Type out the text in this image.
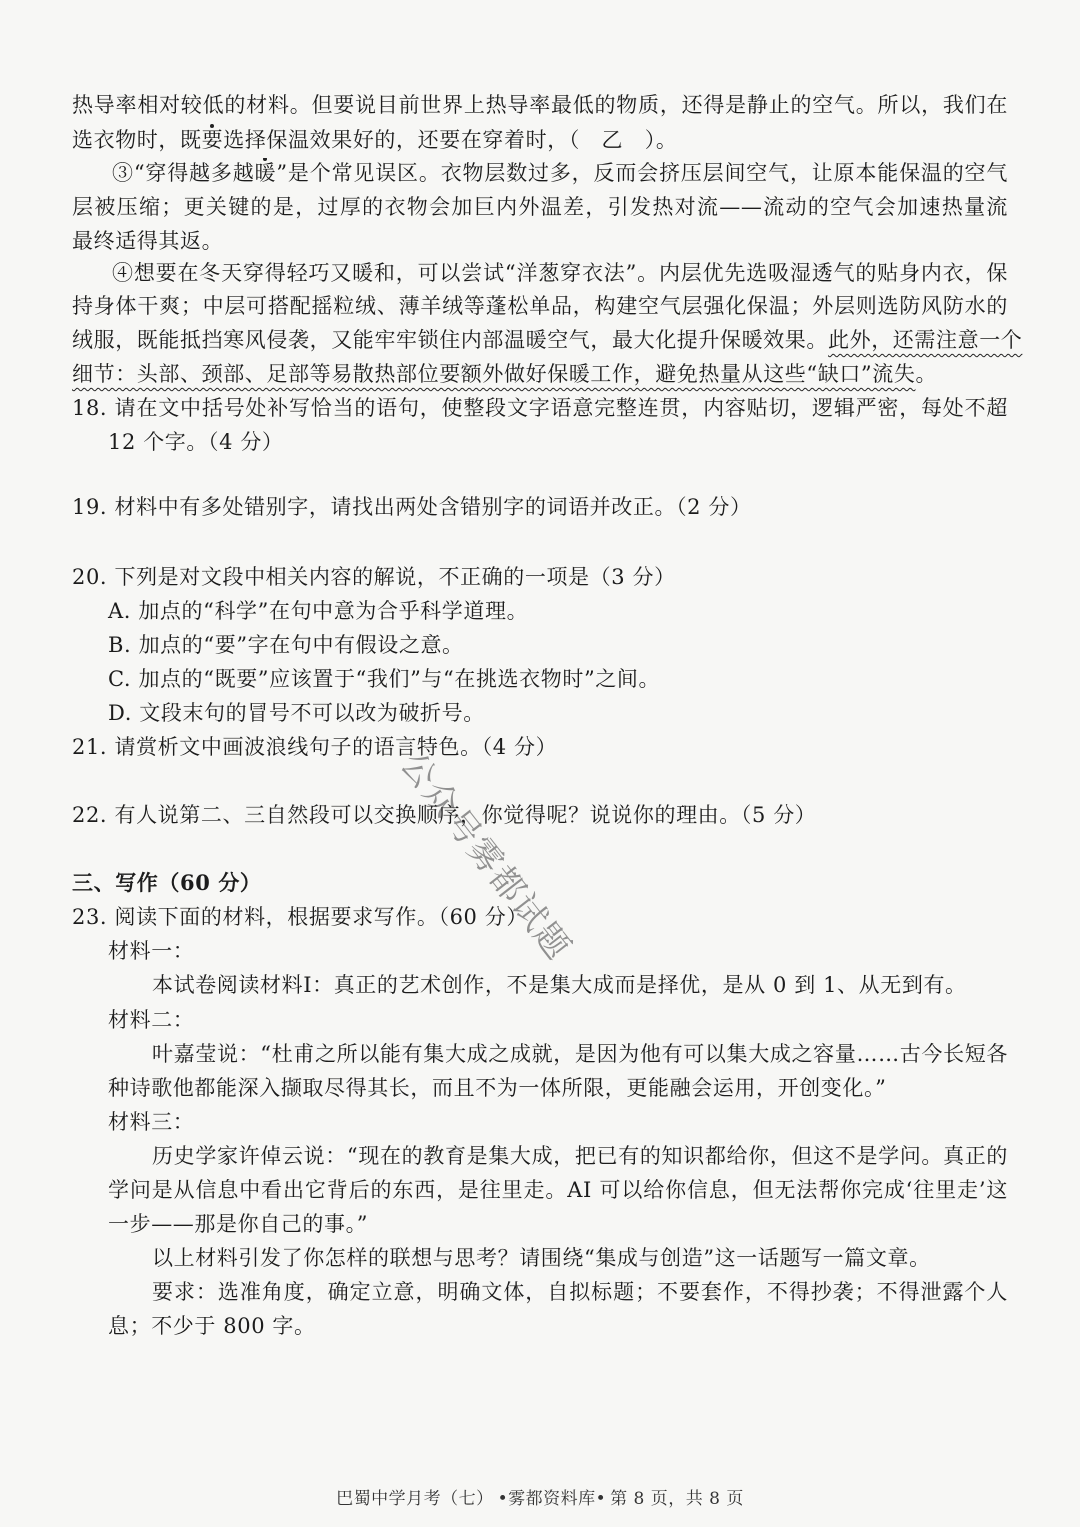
热导率相对较低的材料。但要说目前世界上热导率最低的物质，还得是静止的空气。所以，我们在
选衣物时，既要选择保温效果好的，还要在穿着时，（　乙　）。
③“穿得越多越暖”是个常见误区。衣物层数过多，反而会挤压层间空气，让原本能保温的空气
层被压缩；更关键的是，过厚的衣物会加巨内外温差，引发热对流——流动的空气会加速热量流
最终适得其返。
④想要在冬天穿得轻巧又暖和，可以尝试“洋葱穿衣法”。内层优先选吸湿透气的贴身内衣，保
持身体干爽；中层可搭配摇粒绒、薄羊绒等蓬松单品，构建空气层强化保温；外层则选防风防水的
绒服，既能抵挡寒风侵袭，又能牢牢锁住内部温暖空气，最大化提升保暖效果。此外，还需注意一个
细节：头部、颈部、足部等易散热部位要额外做好保暖工作，避免热量从这些“缺口”流失。
18. 请在文中括号处补写恰当的语句，使整段文字语意完整连贯，内容贴切，逻辑严密，每处不超
12 个字。（4 分）
19. 材料中有多处错别字，请找出两处含错别字的词语并改正。（2 分）
20. 下列是对文段中相关内容的解说，不正确的一项是（3 分）
A. 加点的“科学”在句中意为合乎科学道理。
B. 加点的“要”字在句中有假设之意。
C. 加点的“既要”应该置于“我们”与“在挑选衣物时”之间。
D. 文段末句的冒号不可以改为破折号。
21. 请赏析文中画波浪线句子的语言特色。（4 分）
22. 有人说第二、三自然段可以交换顺序，你觉得呢？说说你的理由。（5 分）
三、写作（60 分）
23. 阅读下面的材料，根据要求写作。（60 分）
材料一：
本试卷阅读材料Ⅰ：真正的艺术创作，不是集大成而是择优，是从 0 到 1、从无到有。
材料二：
叶嘉莹说：“杜甫之所以能有集大成之成就，是因为他有可以集大成之容量……古今长短各
种诗歌他都能深入撷取尽得其长，而且不为一体所限，更能融会运用，开创变化。”
材料三：
历史学家许倬云说：“现在的教育是集大成，把已有的知识都给你，但这不是学问。真正的
学问是从信息中看出它背后的东西，是往里走。AI 可以给你信息，但无法帮你完成‘往里走’这
一步——那是你自己的事。”
以上材料引发了你怎样的联想与思考？请围绕“集成与创造”这一话题写一篇文章。
要求：选准角度，确定立意，明确文体，自拟标题；不要套作，不得抄袭；不得泄露个人
息；不少于 800 字。
公众号雾都试题
巴蜀中学月考（七） •雾都资料库• 第 8 页，共 8 页
